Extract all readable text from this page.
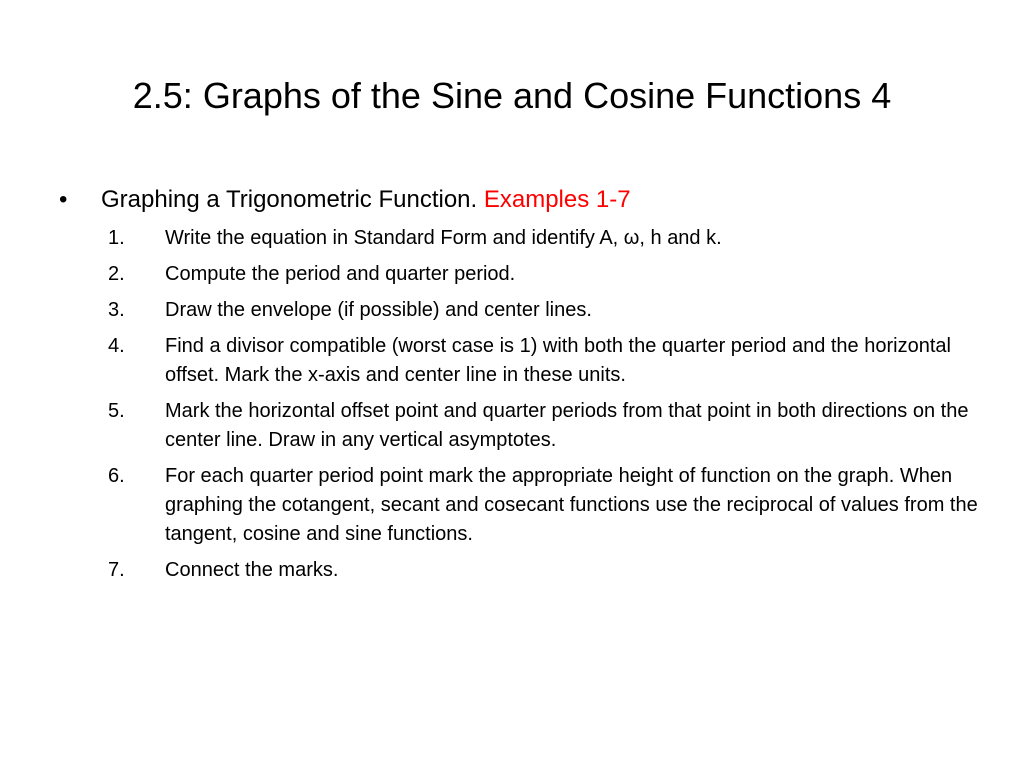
2.5: Graphs of the Sine and Cosine Functions 4
•	Graphing a Trigonometric Function. Examples 1-7
1. Write the equation in Standard Form and identify A, ω, h and k.
2. Compute the period and quarter period.
3. Draw the envelope (if possible) and center lines.
4. Find a divisor compatible (worst case is 1) with both the quarter period and the horizontal offset. Mark the x-axis and center line in these units.
5. Mark the horizontal offset point and quarter periods from that point in both directions on the center line. Draw in any vertical asymptotes.
6. For each quarter period point mark the appropriate height of function on the graph. When graphing the cotangent, secant and cosecant functions use the reciprocal of values from the tangent, cosine and sine functions.
7. Connect the marks.
